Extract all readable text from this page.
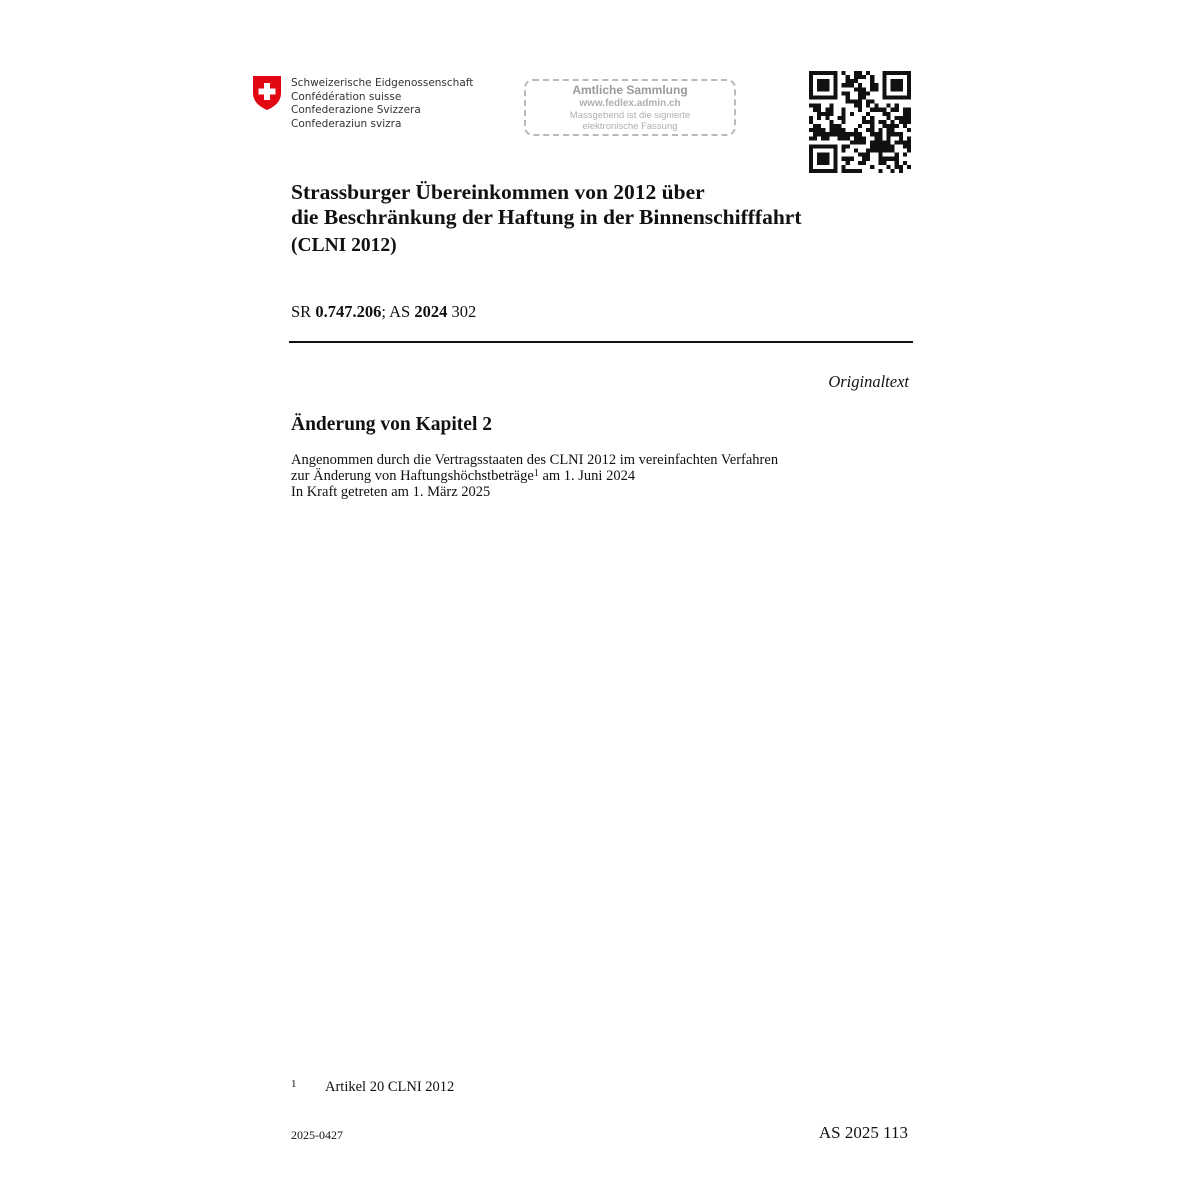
Schweizerische Eidgenossenschaft
Confédération suisse
Confederazione Svizzera
Confederaziun svizra
Amtliche Sammlung
www.fedlex.admin.ch
Massgebend ist die signierte
elektronische Fassung
Strassburger Übereinkommen von 2012 über
die Beschränkung der Haftung in der Binnenschifffahrt
(CLNI 2012)
SR 0.747.206; AS 2024 302
Originaltext
Änderung von Kapitel 2
Angenommen durch die Vertragsstaaten des CLNI 2012 im vereinfachten Verfahren
zur Änderung von Haftungshöchstbeträge$^1$ am 1. Juni 2024
In Kraft getreten am 1. März 2025
1 Artikel 20 CLNI 2012
2025-0427	AS 2025 113
